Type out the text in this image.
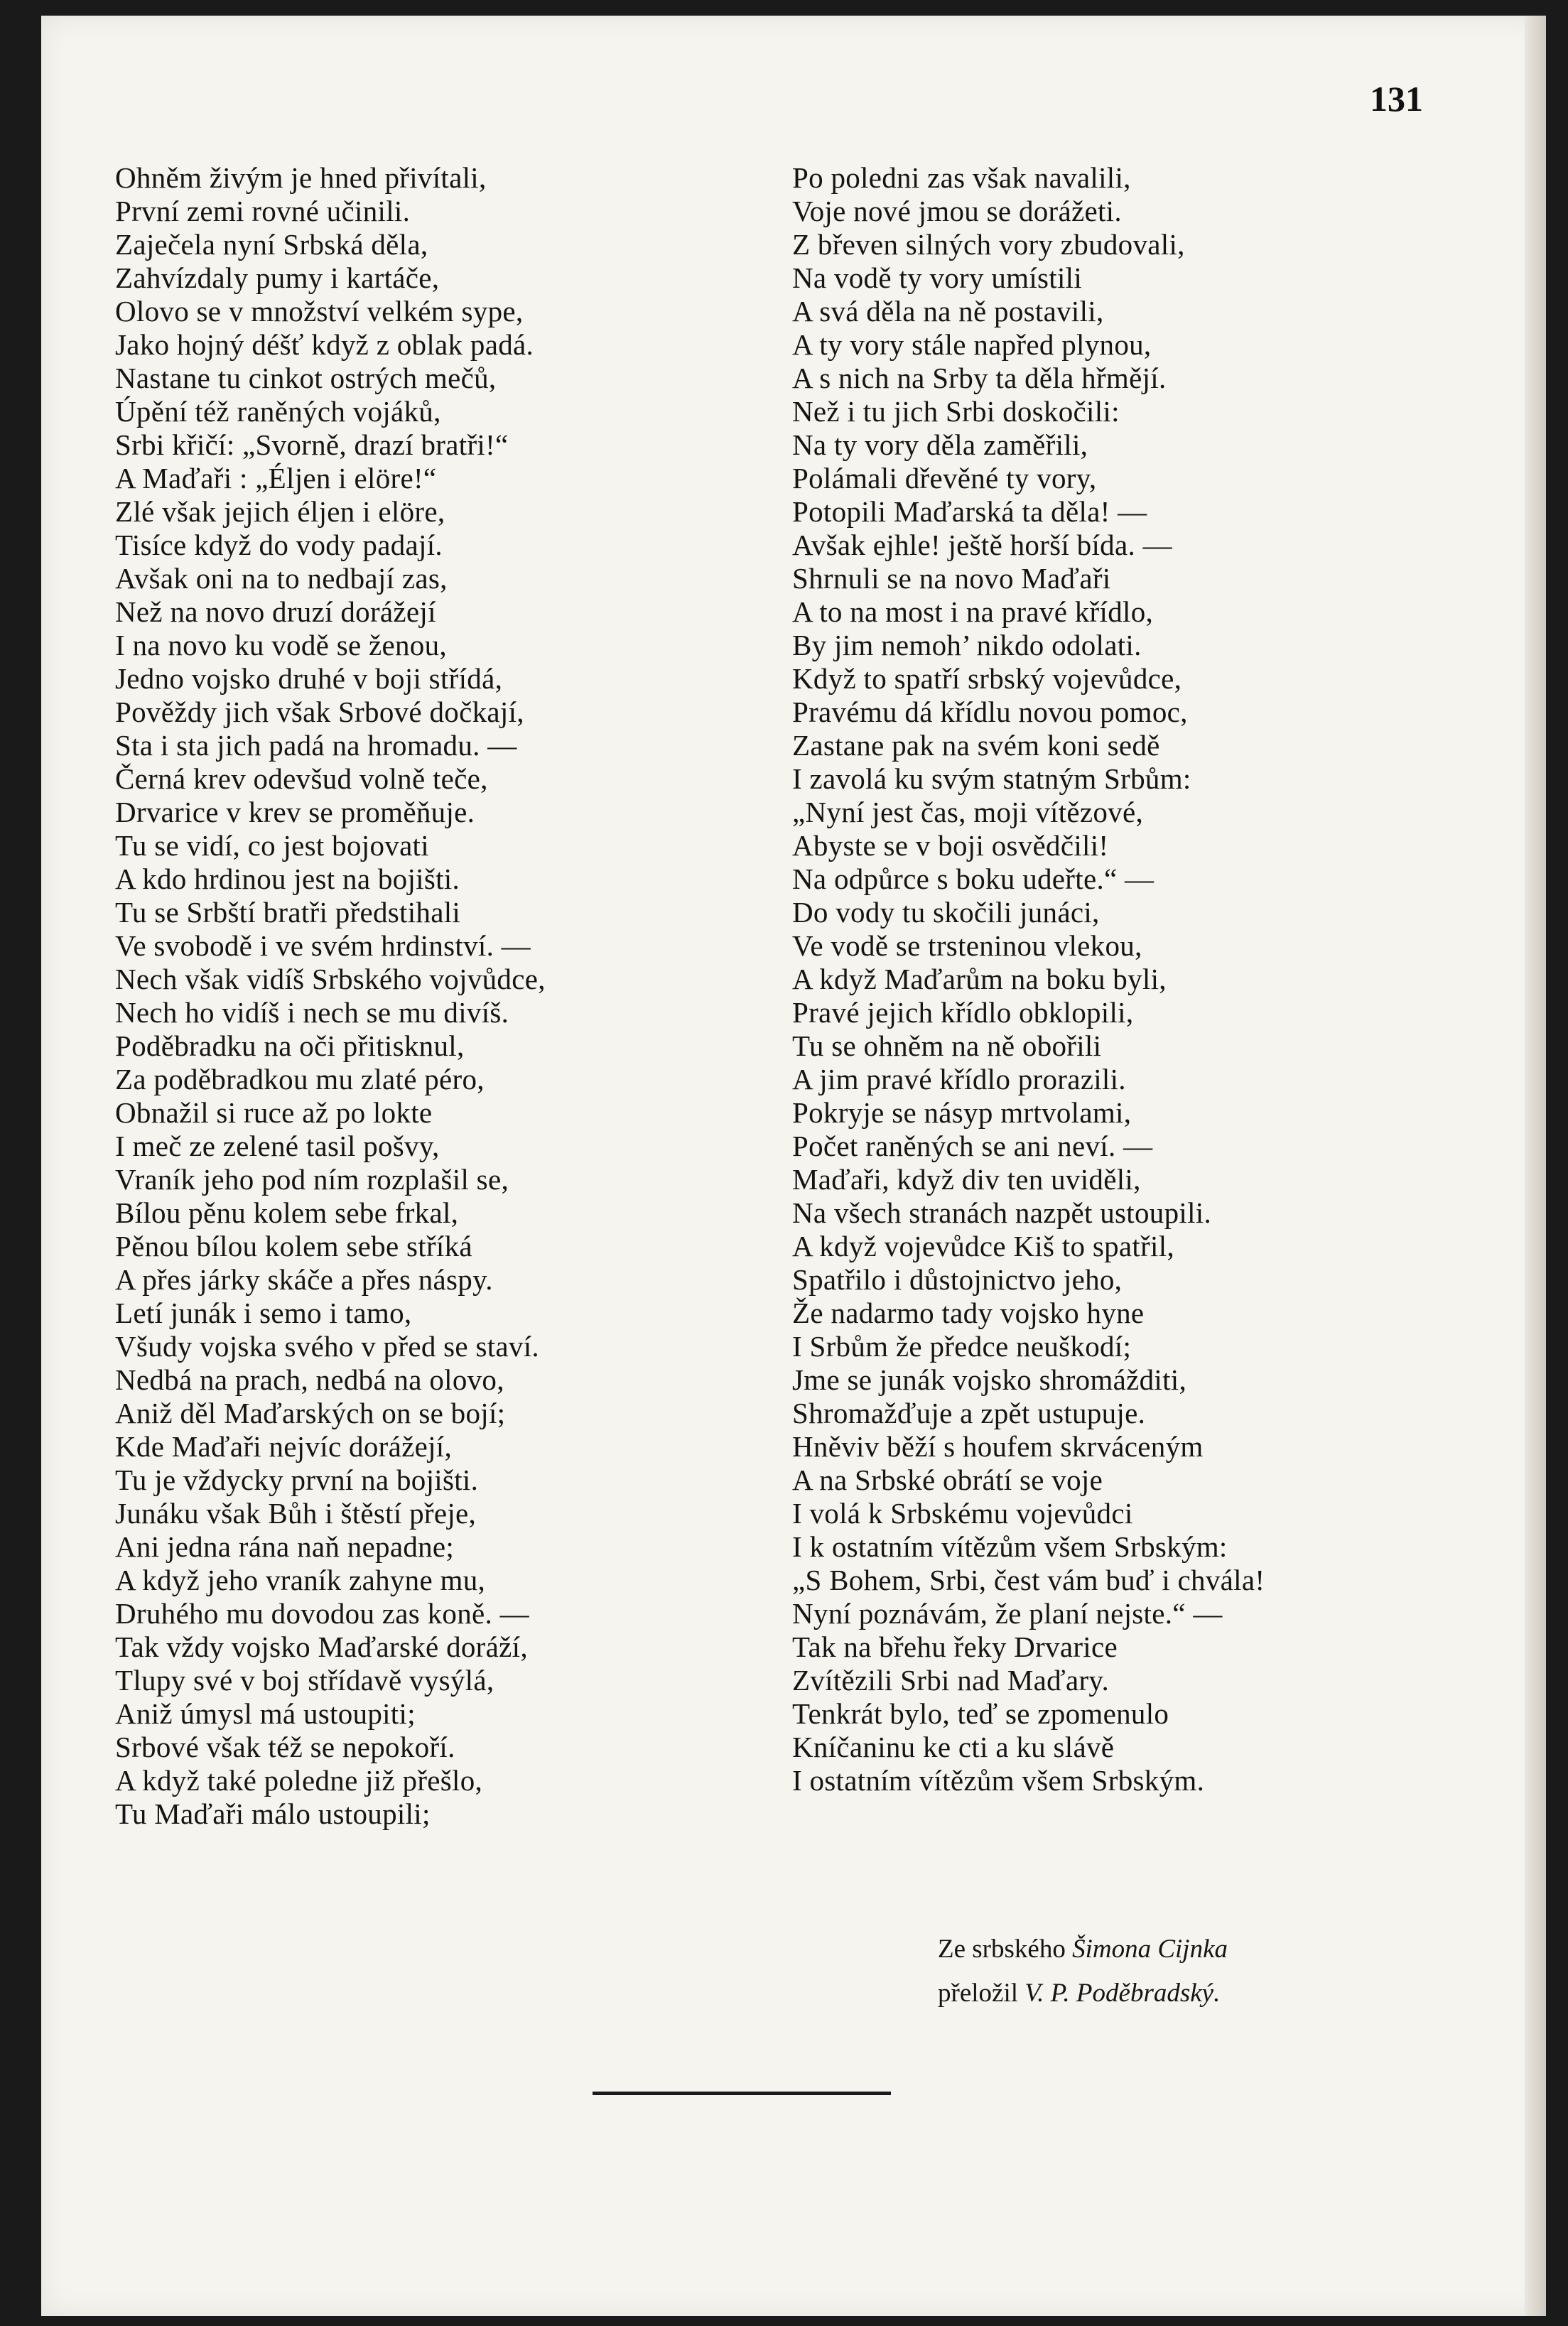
131
Ohněm živým je hned přivítali,
První zemi rovné učinili.
Zaječela nyní Srbská děla,
Zahvízdaly pumy i kartáče,
Olovo se v množství velkém sype,
Jako hojný déšť když z oblak padá.
Nastane tu cinkot ostrých mečů,
Úpění též raněných vojáků,
Srbi křičí: „Svorně, drazí bratři!“
A Maďaři : „Éljen i elöre!“
Zlé však jejich éljen i elöre,
Tisíce když do vody padají.
Avšak oni na to nedbají zas,
Než na novo druzí dorážejí
I na novo ku vodě se ženou,
Jedno vojsko druhé v boji střídá,
Pověždy jich však Srbové dočkají,
Sta i sta jich padá na hromadu. —
Černá krev odevšud volně teče,
Drvarice v krev se proměňuje.
Tu se vidí, co jest bojovati
A kdo hrdinou jest na bojišti.
Tu se Srbští bratři předstihali
Ve svobodě i ve svém hrdinství. —
Nech však vidíš Srbského vojvůdce,
Nech ho vidíš i nech se mu divíš.
Poděbradku na oči přitisknul,
Za poděbradkou mu zlaté péro,
Obnažil si ruce až po lokte
I meč ze zelené tasil pošvy,
Vraník jeho pod ním rozplašil se,
Bílou pěnu kolem sebe frkal,
Pěnou bílou kolem sebe stříká
A přes járky skáče a přes náspy.
Letí junák i semo i tamo,
Všudy vojska svého v před se staví.
Nedbá na prach, nedbá na olovo,
Aniž děl Maďarských on se bojí;
Kde Maďaři nejvíc dorážejí,
Tu je vždycky první na bojišti.
Junáku však Bůh i štěstí přeje,
Ani jedna rána naň nepadne;
A když jeho vraník zahyne mu,
Druhého mu dovodou zas koně. —
Tak vždy vojsko Maďarské doráží,
Tlupy své v boj střídavě vysýlá,
Aniž úmysl má ustoupiti;
Srbové však též se nepokoří.
A když také poledne již přešlo,
Tu Maďaři málo ustoupili;
Po poledni zas však navalili,
Voje nové jmou se dorážeti.
Z břeven silných vory zbudovali,
Na vodě ty vory umístili
A svá děla na ně postavili,
A ty vory stále napřed plynou,
A s nich na Srby ta děla hřmějí.
Než i tu jich Srbi doskočili:
Na ty vory děla zaměřili,
Polámali dřevěné ty vory,
Potopili Maďarská ta děla! —
Avšak ejhle! ještě horší bída. —
Shrnuli se na novo Maďaři
A to na most i na pravé křídlo,
By jim nemoh’ nikdo odolati.
Když to spatří srbský vojevůdce,
Pravému dá křídlu novou pomoc,
Zastane pak na svém koni sedě
I zavolá ku svým statným Srbům:
„Nyní jest čas, moji vítězové,
Abyste se v boji osvědčili!
Na odpůrce s boku udeřte.“ —
Do vody tu skočili junáci,
Ve vodě se trsteninou vlekou,
A když Maďarům na boku byli,
Pravé jejich křídlo obklopili,
Tu se ohněm na ně obořili
A jim pravé křídlo prorazili.
Pokryje se násyp mrtvolami,
Počet raněných se ani neví. —
Maďaři, když div ten uviděli,
Na všech stranách nazpět ustoupili.
A když vojevůdce Kiš to spatřil,
Spatřilo i důstojnictvo jeho,
Že nadarmo tady vojsko hyne
I Srbům že předce neuškodí;
Jme se junák vojsko shromážditi,
Shromažďuje a zpět ustupuje.
Hněviv běží s houfem skrváceným
A na Srbské obrátí se voje
I volá k Srbskému vojevůdci
I k ostatním vítězům všem Srbským:
„S Bohem, Srbi, čest vám buď i chvála!
Nyní poznávám, že planí nejste.“ —
Tak na břehu řeky Drvarice
Zvítězili Srbi nad Maďary.
Tenkrát bylo, teď se zpomenulo
Kníčaninu ke cti a ku slávě
I ostatním vítězům všem Srbským.
Ze srbského Šimona Cijnka
přeložil V. P. Poděbradský.
